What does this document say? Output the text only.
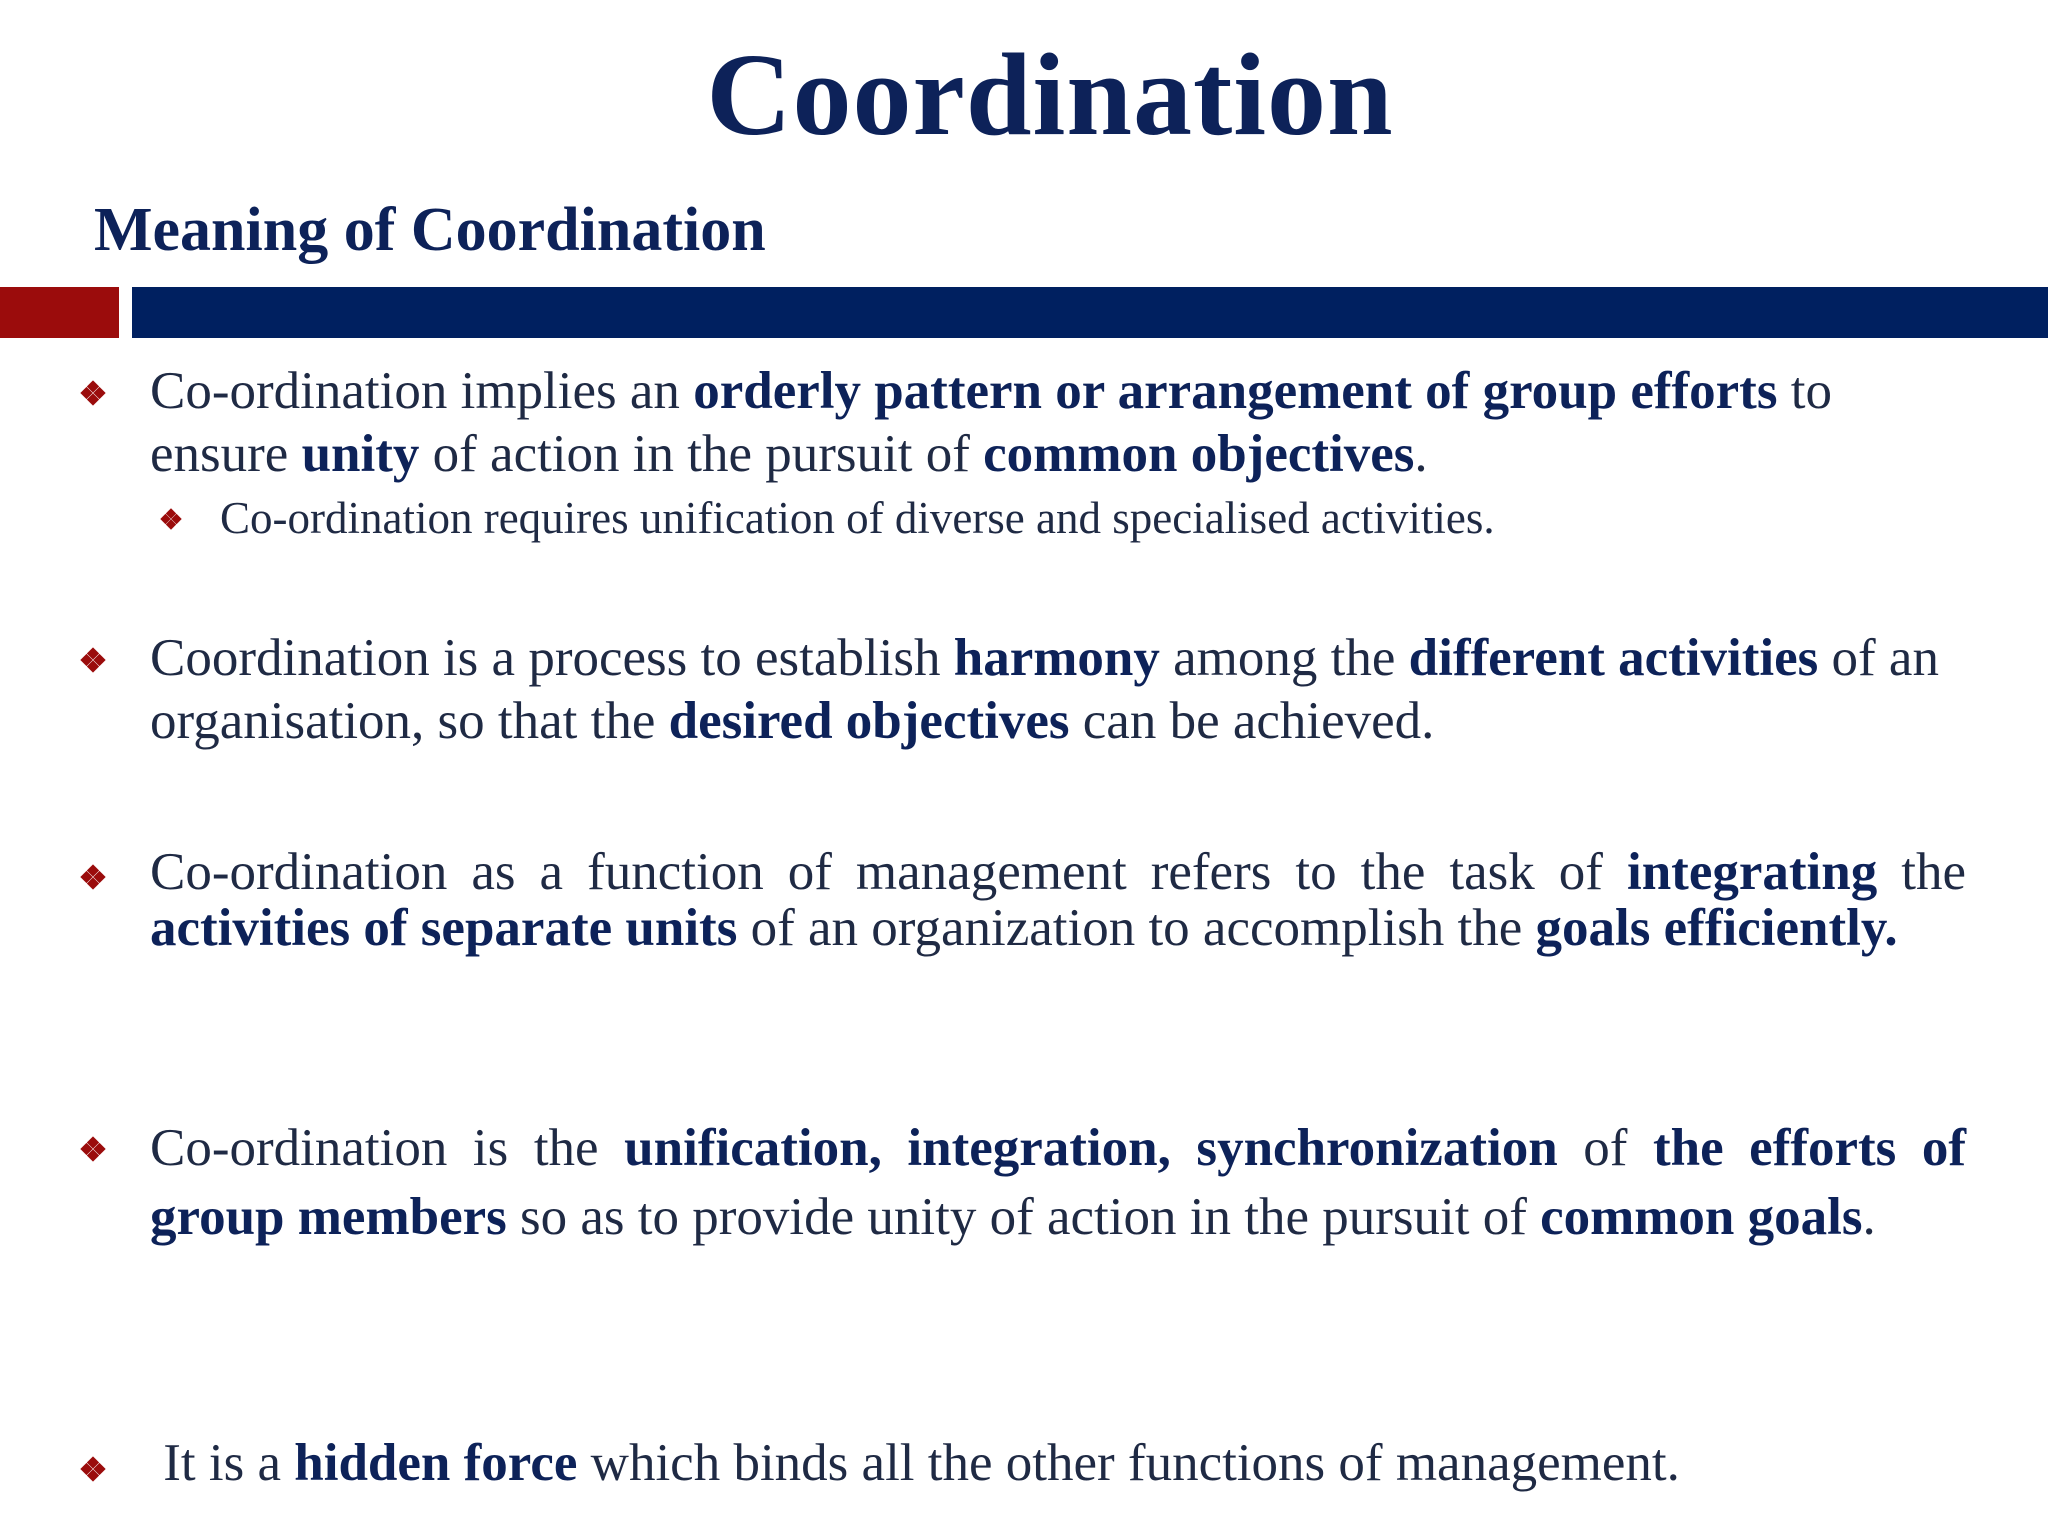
Coordination
Meaning of Coordination
Co-ordination implies an orderly pattern or arrangement of group efforts to ensure unity of action in the pursuit of common objectives.
Co-ordination requires unification of diverse and specialised activities.
Coordination is a process to establish harmony among the different activities of an organisation, so that the desired objectives can be achieved.
Co-ordination as a function of management refers to the task of integrating the activities of separate units of an organization to accomplish the goals efficiently.
Co-ordination is the unification, integration, synchronization of the efforts of group members so as to provide unity of action in the pursuit of common goals.
It is a hidden force which binds all the other functions of management.
